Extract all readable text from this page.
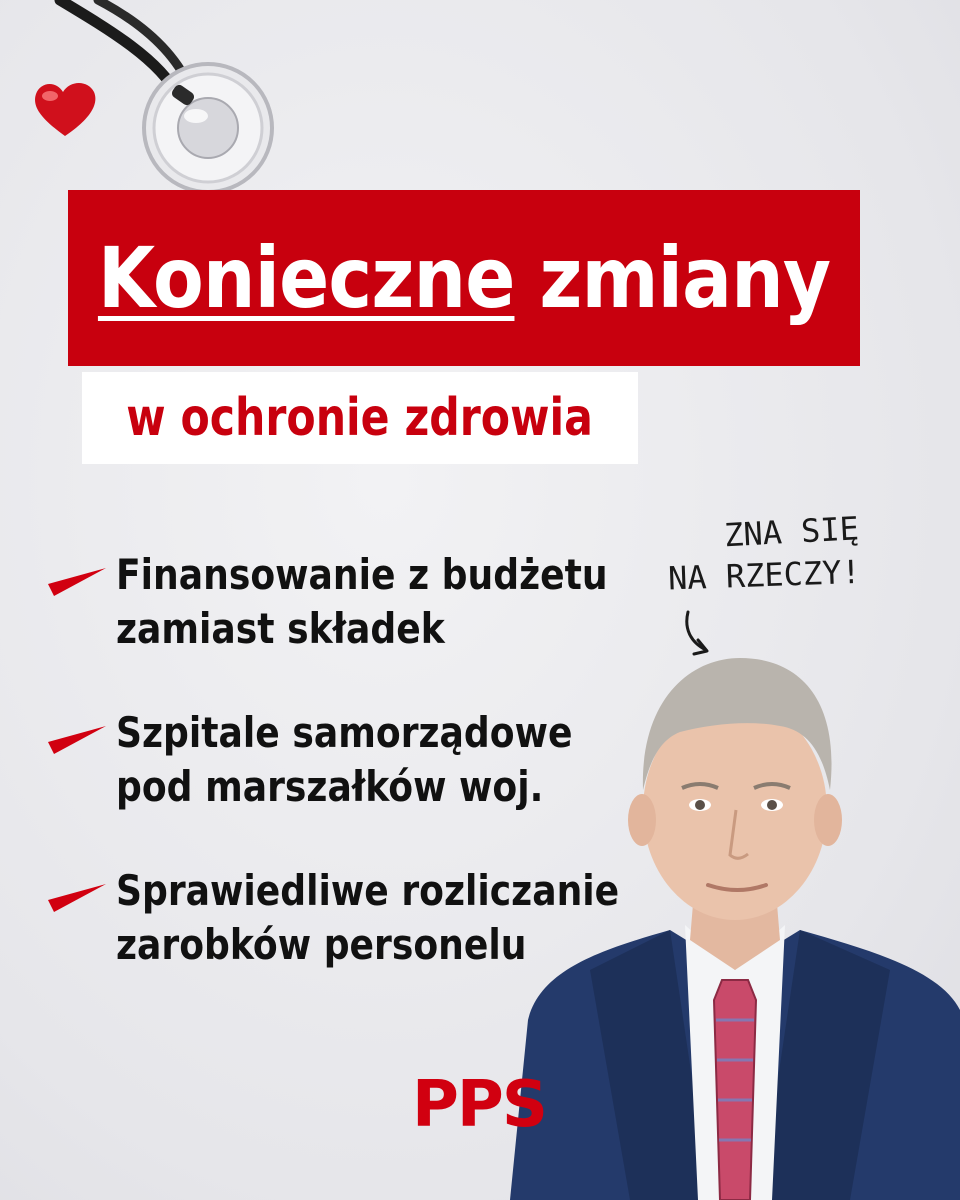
Konieczne zmiany
w ochronie zdrowia
Finansowanie z budżetu
zamiast składek
Szpitale samorządowe
pod marszałków woj.
Sprawiedliwe rozliczanie
zarobków personelu
ZNA SIĘ
NA RZECZY!
PPS
